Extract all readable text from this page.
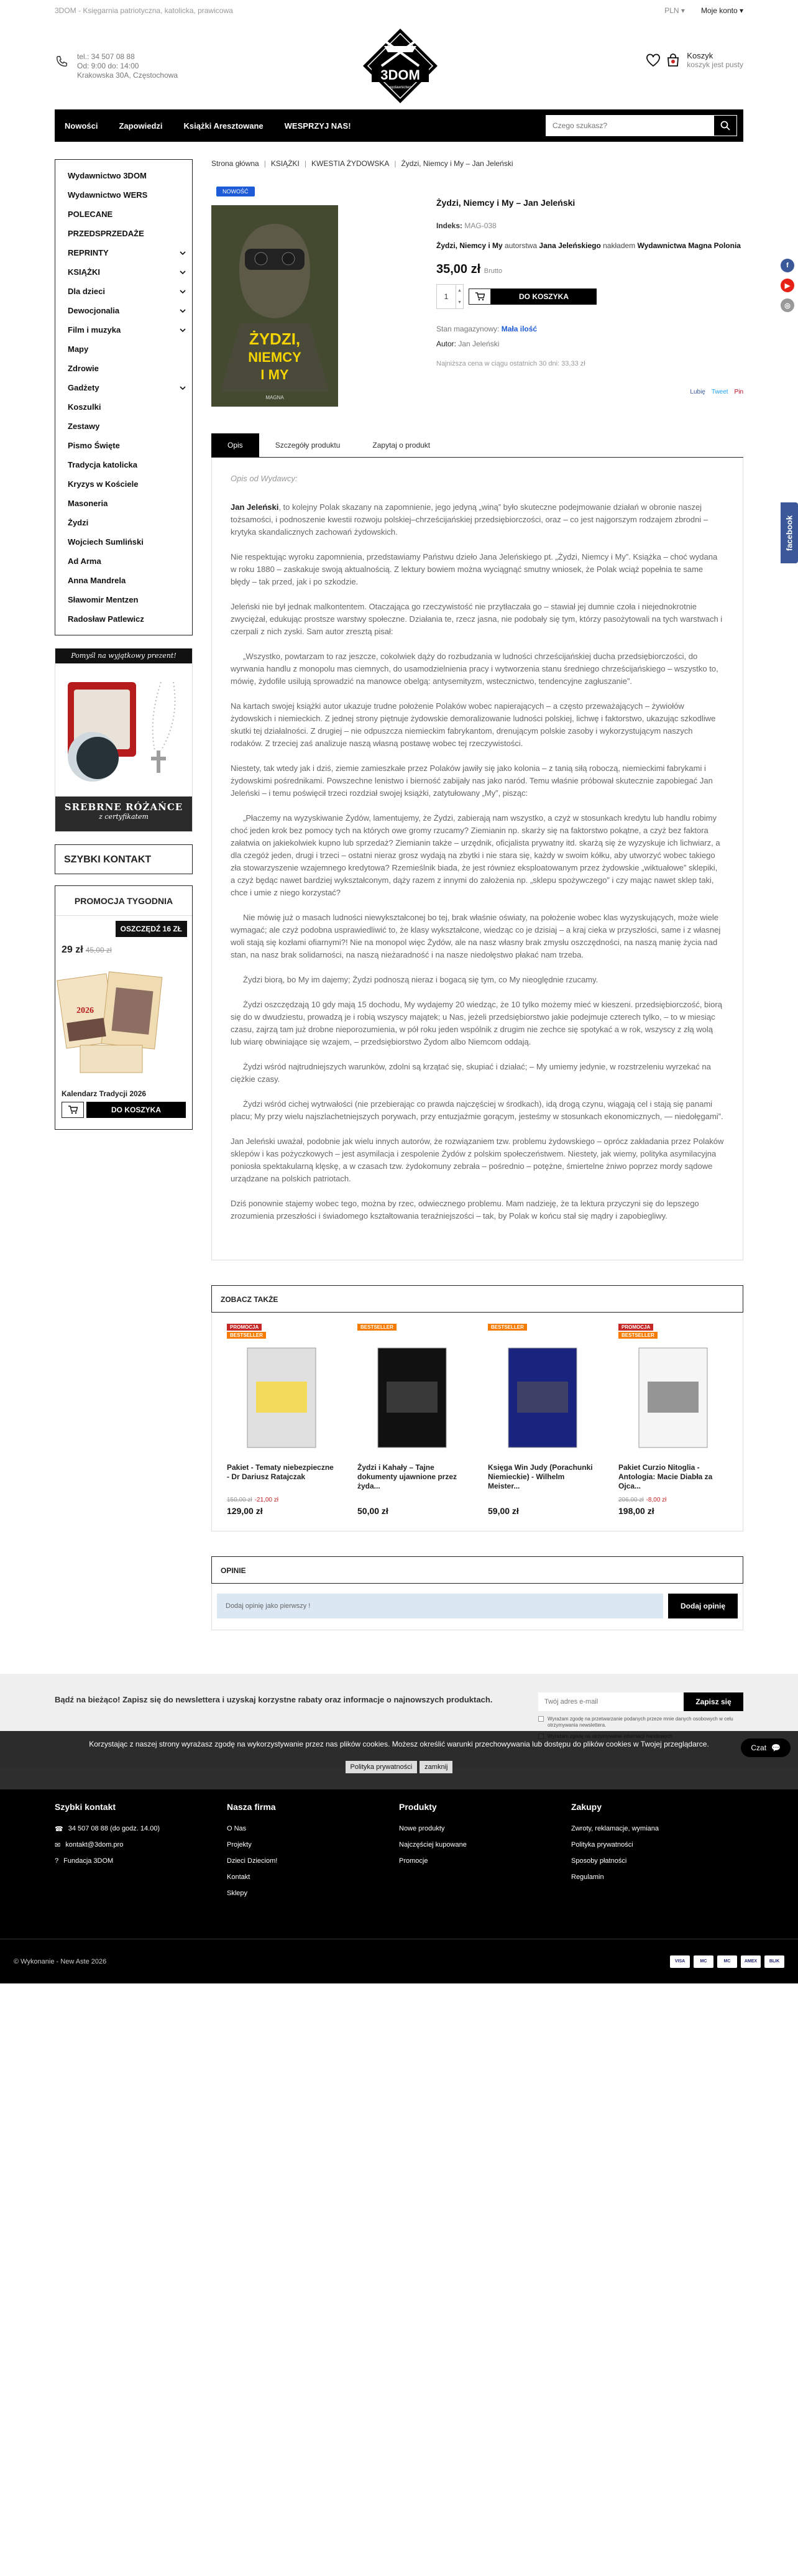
f
▶
◎
facebook
3DOM - Księgarnia patriotyczna, katolicka, prawicowa	PLN ▾ Moje konto ▾
tel.: 34 507 08 88
Od: 9:00 do: 14:00
Krakowska 30A, Częstochowa	3DOM
wydawnictwo
Koszyk
koszyk jest pusty
Nowości	Zapowiedzi	Książki Aresztowane	WESPRZYJ NAS!
Czego szukasz?
Wydawnictwo 3DOM
Wydawnictwo WERS
POLECANE
PRZEDSPRZEDAŻE
REPRINTY
KSIĄŻKI
Dla dzieci
Dewocjonalia
Film i muzyka
Mapy
Zdrowie
Gadżety
Koszulki
Zestawy
Pismo Święte
Tradycja katolicka
Kryzys w Kościele
Masoneria
Żydzi
Wojciech Sumliński
Ad Arma
Anna Mandrela
Sławomir Mentzen
Radosław Patlewicz
Pomyśl na wyjątkowy prezent!
SREBRNE RÓŻAŃCE
z certyfikatem
SZYBKI KONTAKT
PROMOCJA TYGODNIA
OSZCZĘDŹ 16 ZŁ
29 zł 45,00 zł
2026
Kalendarz Tradycji 2026
DO KOSZYKA
Strona główna | KSIĄŻKI | KWESTIA ŻYDOWSKA | Żydzi, Niemcy i My – Jan Jeleński
NOWOŚĆ
ŻYDZI,
NIEMCY
I MY
MAGNA
Żydzi, Niemcy i My – Jan Jeleński
Indeks: MAG-038
Żydzi, Niemcy i My autorstwa Jana Jeleńskiego nakładem Wydawnictwa Magna Polonia
35,00 zł Brutto
1
▲
▼
DO KOSZYKA
Stan magazynowy: Mała ilość
Autor: Jan Jeleński
Najniższa cena w ciągu ostatnich 30 dni: 33,33 zł
Lubię Tweet Pin
Opis	Szczegóły produktu	Zapytaj o produkt

Opis od Wydawcy:

Jan Jeleński, to kolejny Polak skazany na zapomnienie, jego jedyną „winą” było skuteczne podejmowanie działań w obronie naszej tożsamości, i podnoszenie kwestii rozwoju polskiej–chrześcijańskiej przedsiębiorczości, oraz – co jest najgorszym rodzajem zbrodni – krytyka skandalicznych zachowań żydowskich.

Nie respektując wyroku zapomnienia, przedstawiamy Państwu dzieło Jana Jeleńskiego pt. „Żydzi, Niemcy i My”. Książka – choć wydana w roku 1880 – zaskakuje swoją aktualnością. Z lektury bowiem można wyciągnąć smutny wniosek, że Polak wciąż popełnia te same błędy – tak przed, jak i po szkodzie.

Jeleński nie był jednak malkontentem. Otaczająca go rzeczywistość nie przytłaczała go – stawiał jej dumnie czoła i niejednokrotnie zwyciężał, edukując prostsze warstwy społeczne. Działania te, rzecz jasna, nie podobały się tym, którzy pasożytowali na tych warstwach i czerpali z nich zyski. Sam autor zresztą pisał:

„Wszystko, powtarzam to raz jeszcze, cokolwiek dąży do rozbudzania w ludności chrześcijańskiej ducha przedsiębiorczości, do wyrwania handlu z monopolu mas ciemnych, do usamodzielnienia pracy i wytworzenia stanu średniego chrześcijańskiego – wszystko to, mówię, żydofile usilują sprowadzić na manowce obelgą: antysemityzm, wstecznictwo, tendencyjne zagłuszanie”.

Na kartach swojej książki autor ukazuje trudne położenie Polaków wobec napierających – a często przeważających – żywiołów żydowskich i niemieckich. Z jednej strony piętnuje żydowskie demoralizowanie ludności polskiej, lichwę i faktorstwo, ukazując szkodliwe skutki tej działalności. Z drugiej – nie odpuszcza niemieckim fabrykantom, drenującym polskie zasoby i wykorzystującym naszych rodaków. Z trzeciej zaś analizuje naszą własną postawę wobec tej rzeczywistości.

Niestety, tak wtedy jak i dziś, ziemie zamieszkałe przez Polaków jawiły się jako kolonia – z tanią siłą roboczą, niemieckimi fabrykami i żydowskimi pośrednikami. Powszechne lenistwo i bierność zabijały nas jako naród. Temu właśnie próbował skutecznie zapobiegać Jan Jeleński – i temu poświęcił trzeci rozdział swojej książki, zatytułowany „My”, pisząc:

„Płaczemy na wyzyskiwanie Żydów, lamentujemy, że Żydzi, zabierają nam wszystko, a czyż w stosunkach kredytu lub handlu robimy choć jeden krok bez pomocy tych na których owe gromy rzucamy? Ziemianin np. skarży się na faktorstwo pokątne, a czyż bez faktora załatwia on jakiekolwiek kupno lub sprzedaż? Ziemianin także – urzędnik, oficjalista prywatny itd. skarżą się że wyzyskuje ich lichwiarz, a dla czegóż jeden, drugi i trzeci – ostatni nieraz grosz wydają na zbytki i nie stara się, każdy w swoim kółku, aby utworzyć wobec takiego zła stowarzyszenie wzajemnego kredytowa? Rzemieślnik biada, że jest równiez eksploatowanym przez żydowskie „wiktuałowe” sklepiki, a czyż będąc nawet bardziej wykształconym, dąży razem z innymi do założenia np. „sklepu spożywczego” i czy mając nawet sklep taki, chce i umie z niego korzystać?

Nie mówię już o masach ludności niewykształconej bo tej, brak właśnie oświaty, na położenie wobec klas wyzyskujących, może wiele wymagać; ale czyż podobna usprawiedliwić to, że klasy wykształcone, wiedząc co je dzisiaj – a kraj cieka w przyszłości, same i z własnej woli stają się kozłami ofiarnymi?! Nie na monopol więc Żydów, ale na nasz własny brak zmysłu oszczędności, na naszą manię życia nad stan, na nasz brak solidarności, na naszą nieżaradność i na nasze niedołęstwo płakać nam trzeba.

Żydzi biorą, bo My im dajemy; Żydzi podnoszą nieraz i bogacą się tym, co My nieoględnie rzucamy.

Żydzi oszczędzają 10 gdy mają 15 dochodu, My wydajemy 20 wiedząc, że 10 tylko możemy mieć w kieszeni. przedsiębiorczość, biorą się do w dwudziestu, prowadzą je i robią wszyscy majątek; u Nas, jeżeli przedsiębiorstwo jakie podejmuje czterech tylko, – to w miesiąc czasu, zajrzą tam już drobne nieporozumienia, w pół roku jeden wspólnik z drugim nie zechce się spotykać a w rok, wszyscy z złą wolą lub wiarę obwiniające się wzajem, – przedsiębiorstwo Żydom albo Niemcom oddają.

Żydzi wśród najtrudniejszych warunków, zdolni są krzątać się, skupiać i działać; – My umiemy jedynie, w rozstrzeleniu wyrzekać na ciężkie czasy.

Żydzi wśród cichej wytrwałości (nie przebierając co prawda najczęściej w środkach), idą drogą czynu, wiągają cel i stają się panami placu; My przy wielu najszlachetniejszych porywach, przy entuzjaźmie gorącym, jesteśmy w stosunkach ekonomicznych, — niedołęgami”.

Jan Jeleński uważał, podobnie jak wielu innych autorów, że rozwiązaniem tzw. problemu żydowskiego – oprócz zakładania przez Polaków sklepów i kas pożyczkowych – jest asymilacja i zespolenie Żydów z polskim społeczeństwem. Niestety, jak wiemy, polityka asymilacyjna poniosła spektakularną klęskę, a w czasach tzw. żydokomuny zebrała – pośrednio – potężne, śmiertelne żniwo poprzez mordy sądowe urządzane na polskich patriotach.

Dziś ponownie stajemy wobec tego, można by rzec, odwiecznego problemu. Mam nadzieję, że ta lektura przyczyni się do lepszego zrozumienia przeszłości i świadomego kształtowania teraźniejszości – tak, by Polak w końcu stał się mądry i zapobiegliwy.

ZOBACZ TAKŻE
PROMOCJA
BESTSELLER
Pakiet - Tematy niebezpieczne - Dr Dariusz Ratajczak
150,00 zł -21,00 zł
129,00 zł
BESTSELLER
Żydzi i Kahały – Tajne dokumenty ujawnione przez żyda...

50,00 zł
BESTSELLER
Księga Win Judy (Porachunki Niemieckie) - Wilhelm Meister...

59,00 zł
PROMOCJA
BESTSELLER
Pakiet Curzio Nitoglia - Antologia: Macie Diabła za Ojca...
206,00 zł -8,00 zł
198,00 zł
OPINIE
Dodaj opinię jako pierwszy !	Dodaj opinię
Bądź na bieżąco! Zapisz się do newslettera i uzyskaj korzystne rabaty oraz informacje o najnowszych produktach.
Twój adres e-mail	Zapisz się
Wyrażam zgodę na przetwarzanie podanych przeze mnie danych osobowych w celu otrzymywania newslettera.
Korzystając z naszej strony wyrażasz zgodę na wykorzystywanie przez nas plików cookies. Możesz określić warunki przechowywania lub dostępu do plików cookies w Twojej przeglądarce.
Polityka prywatności	zamknij
Czat 💬
Szybki kontakt
☎ 34 507 08 88 (do godz. 14.00)
✉ kontakt@3dom.pro
? Fundacja 3DOM
Nasza firma
O Nas
Projekty
Dzieci Dzieciom!
Kontakt
Sklepy
Produkty
Nowe produkty
Najczęściej kupowane
Promocje
Zakupy
Zwroty, reklamacje, wymiana
Polityka prywatności
Sposoby płatności
Regulamin
© Wykonanie - New Aste 2026	VISA	MC	MC	AMEX	BLIK
